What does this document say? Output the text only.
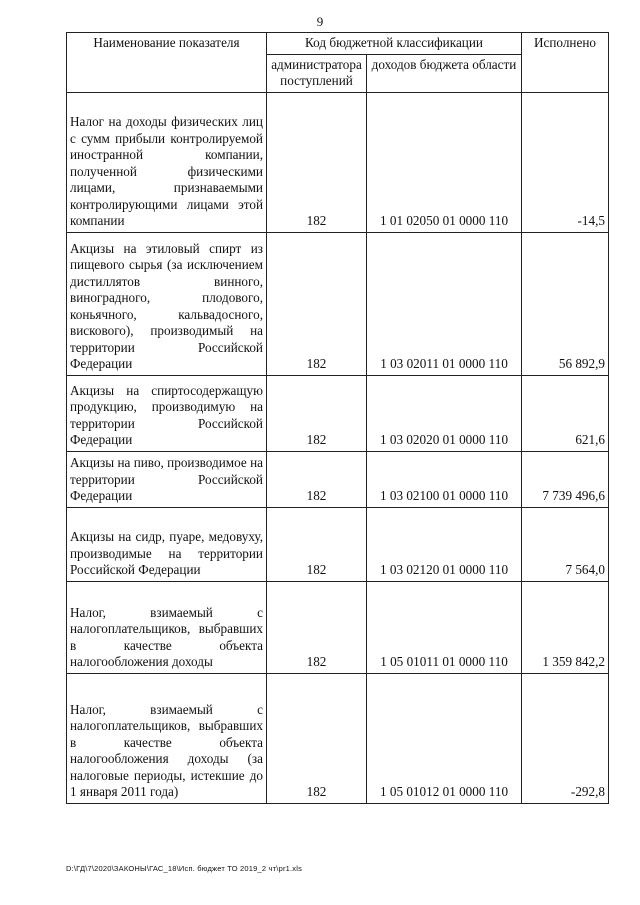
9
Наименование показателя	Код бюджетной классификации		Исполнено
	администратора поступлений	доходов бюджета области	
Налог на доходы физических лиц с сумм прибыли контролируемой иностранной компании, полученной физическими лицами, признаваемыми контролирующими лицами этой компании	182	1 01 02050 01 0000 110	-14,5
Акцизы на этиловый спирт из пищевого сырья (за исключением дистиллятов винного, виноградного, плодового, коньячного, кальвадосного, вискового), производимый на территории Российской Федерации	182	1 03 02011 01 0000 110	56 892,9
Акцизы на спиртосодержащую продукцию, производимую на территории Российской Федерации	182	1 03 02020 01 0000 110	621,6
Акцизы на пиво, производимое на территории Российской Федерации	182	1 03 02100 01 0000 110	7 739 496,6
Акцизы на сидр, пуаре, медовуху, производимые на территории Российской Федерации	182	1 03 02120 01 0000 110	7 564,0
Налог, взимаемый с налогоплательщиков, выбравших в качестве объекта налогообложения доходы	182	1 05 01011 01 0000 110	1 359 842,2
Налог, взимаемый с налогоплательщиков, выбравших в качестве объекта налогообложения доходы (за налоговые периоды, истекшие до 1 января 2011 года)	182	1 05 01012 01 0000 110	-292,8
D:\ГД\7\2020\ЗАКОНЫ\ГАС_18\Исп. бюджет ТО 2019_2 чт\pr1.xls
